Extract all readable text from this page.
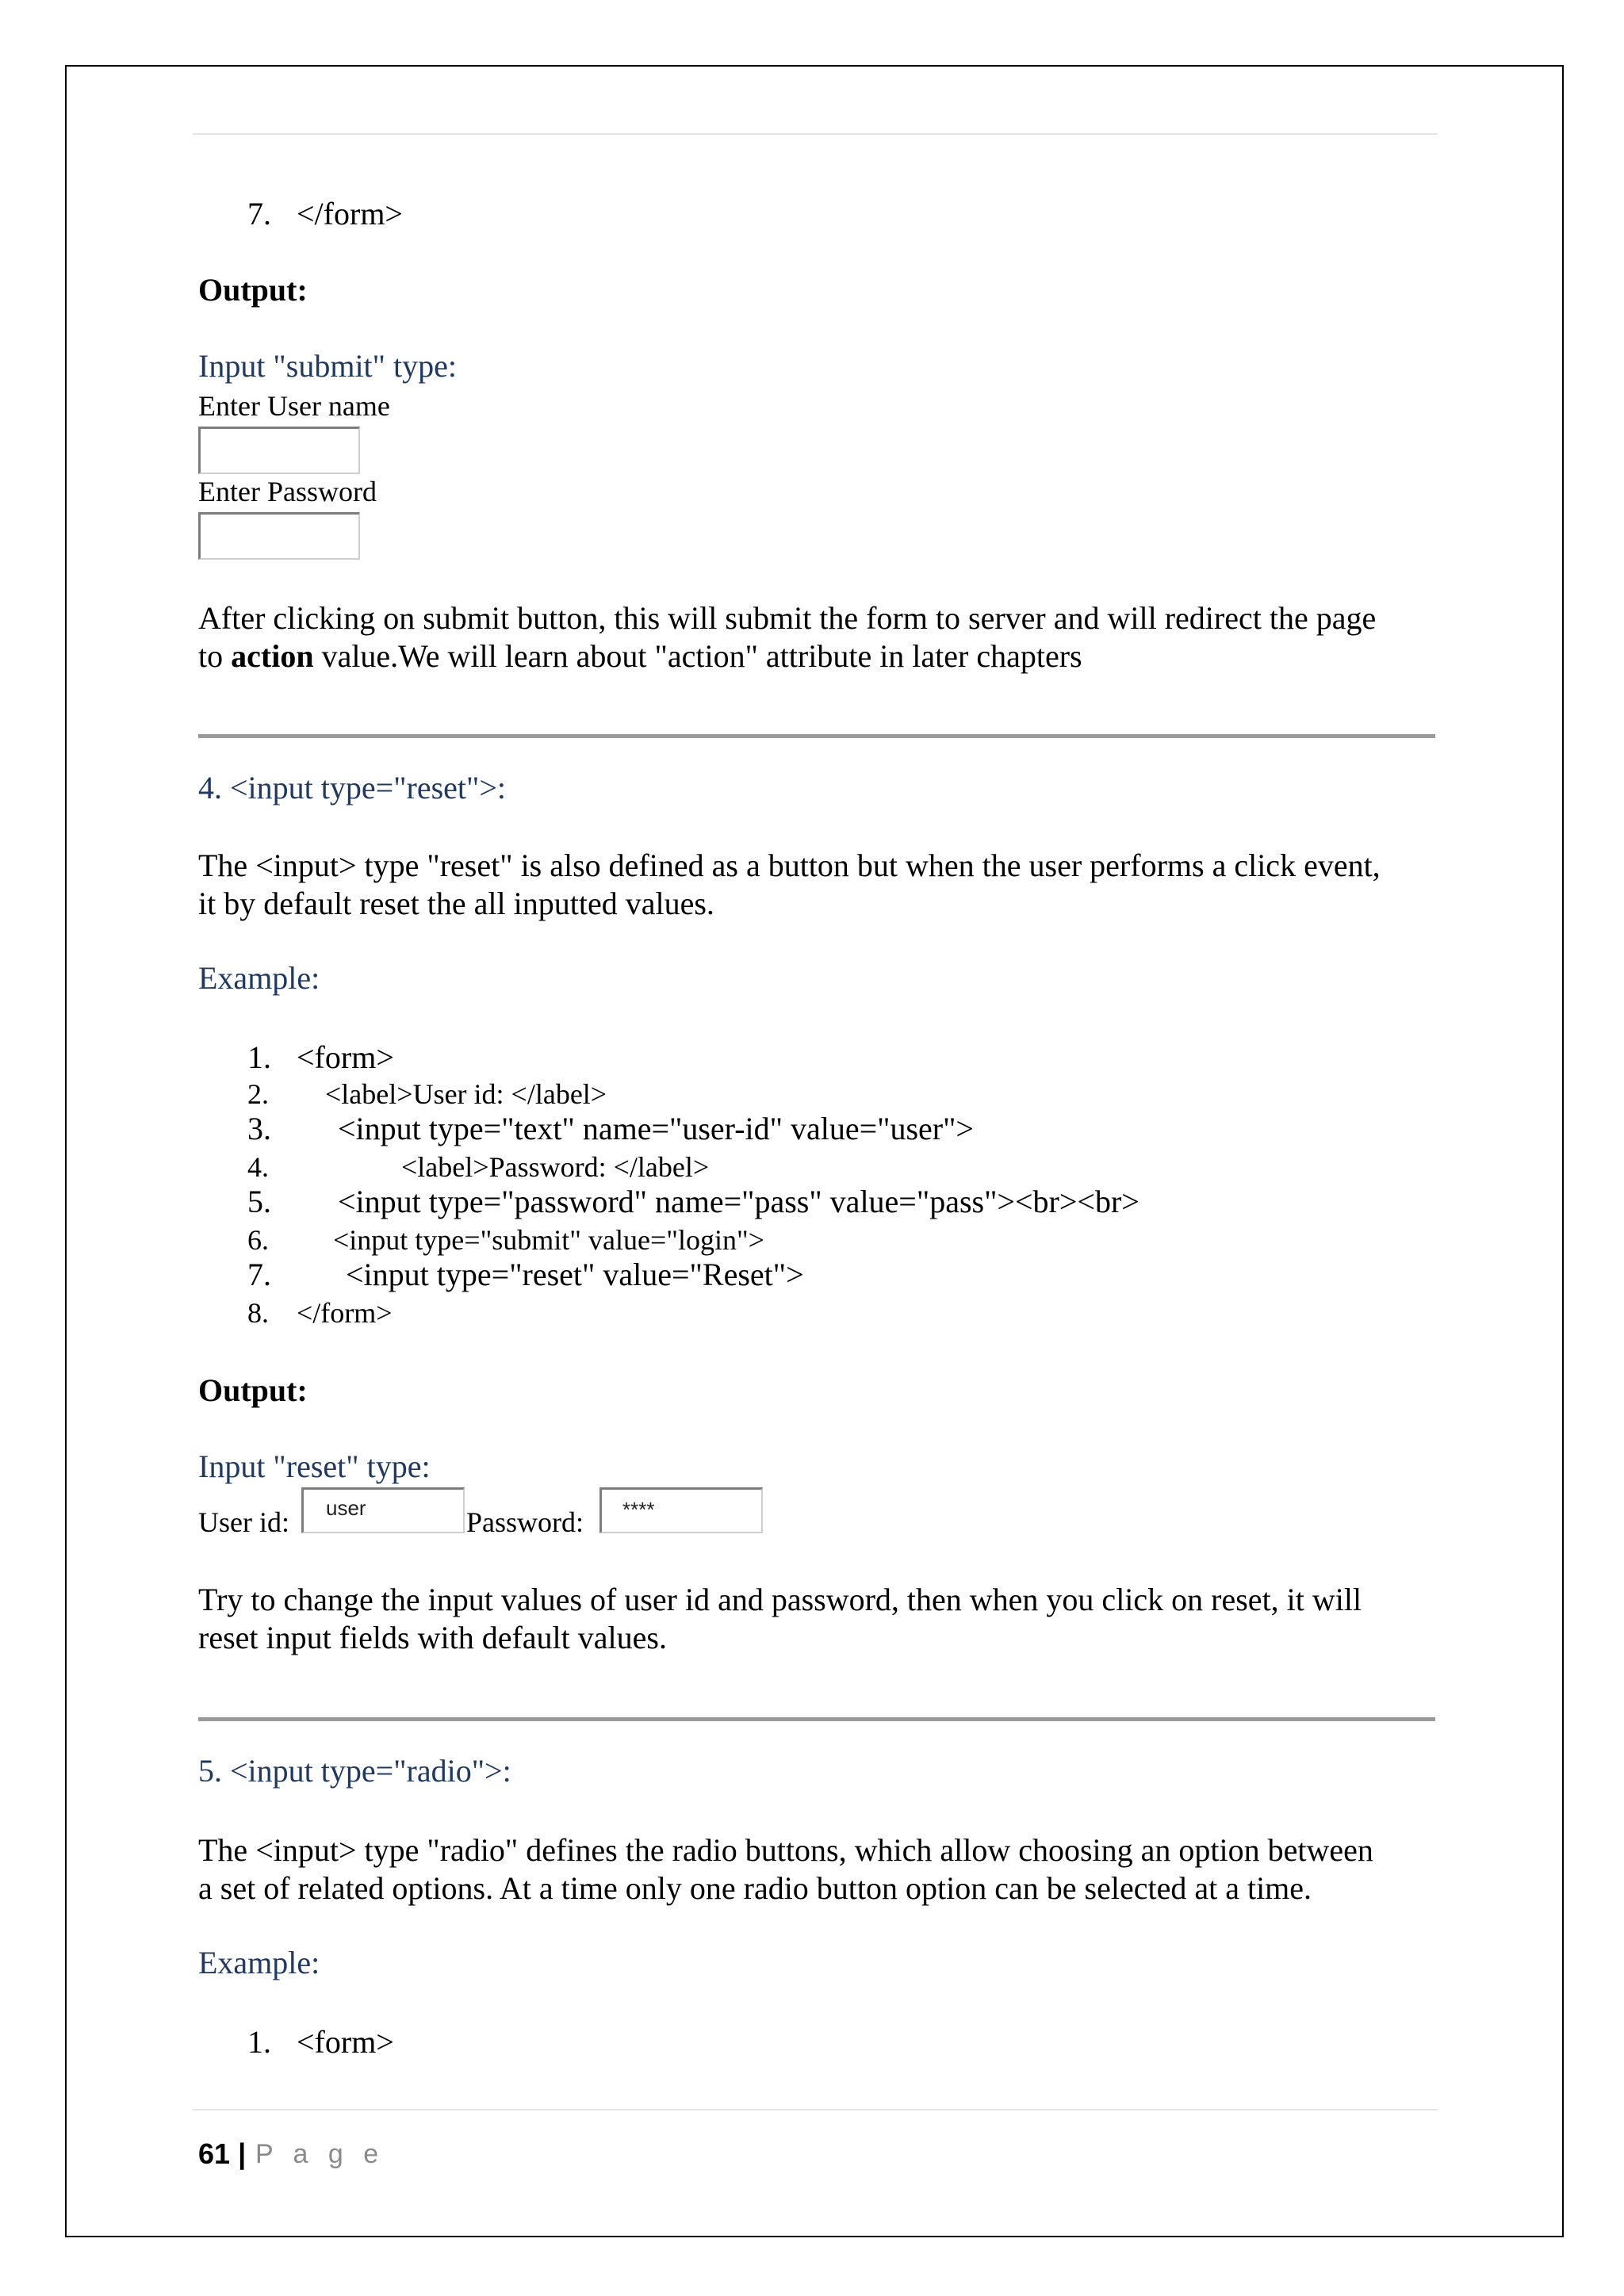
7. </form>
Output:
Input "submit" type:
Enter User name
Enter Password
After clicking on submit button, this will submit the form to server and will redirect the page
to action value.We will learn about "action" attribute in later chapters
4. <input type="reset">:
The <input> type "reset" is also defined as a button but when the user performs a click event,
it by default reset the all inputted values.
Example:
1. <form>
2. <label>User id: </label>
3. <input type="text" name="user-id" value="user">
4.	<label>Password: </label>
5. <input type="password" name="pass" value="pass"><br><br>
6. <input type="submit" value="login">
7. <input type="reset" value="Reset">
8. </form>
Output:
Input "reset" type:
User id: user	Password: ****
Try to change the input values of user id and password, then when you click on reset, it will
reset input fields with default values.
5. <input type="radio">:
The <input> type "radio" defines the radio buttons, which allow choosing an option between
a set of related options. At a time only one radio button option can be selected at a time.
Example:
1. <form>
61 | P a g e
